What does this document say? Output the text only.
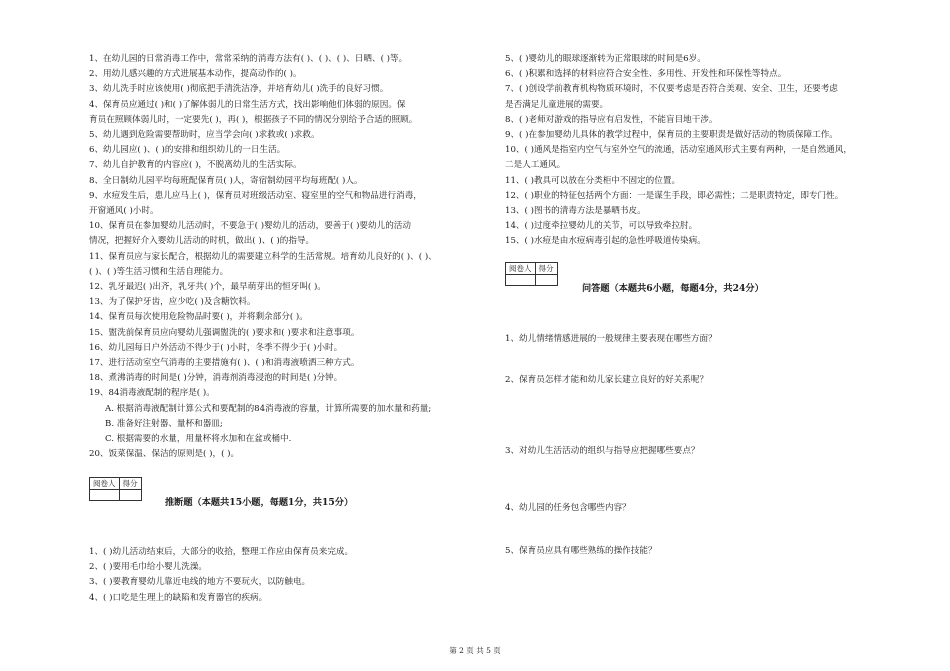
1、在幼儿园的日常消毒工作中，常常采纳的消毒方法有( )、( )、( )、日晒、( )等。
2、用幼儿感兴趣的方式进展基本动作，提高动作的( )。
3、幼儿洗手时应该使用( )彻底把手清洗洁净，并培育幼儿( )洗手的良好习惯。
4、保育员应通过( )和( )了解体弱儿的日常生活方式，找出影响他们体弱的原因。保
育员在照顾体弱儿时，一定要先( )，再( )，根据孩子不同的情况分别给予合适的照顾。
5、幼儿遇到危险需要帮助时，应当学会向( )求救或( )求救。
6、幼儿园应( )、( )的安排和组织幼儿的一日生活。
7、幼儿自护教育的内容应( )，不脱离幼儿的生活实际。
8、全日制幼儿园平均每班配保育员( )人，寄宿制幼园平均每班配( )人。
9、水痘发生后，患儿应马上( )，保育员对班级活动室、寝室里的空气和物品进行消毒，
开窗通风( )小时。
10、保育员在参加婴幼儿活动时，不要急于( )婴幼儿的活动，要善于( )要幼儿的活动
情况，把握好介入婴幼儿活动的时机，做出( )、( )的指导。
11、保育员应与家长配合，根据幼儿的需要建立科学的生活常规。培育幼儿良好的( )、( )、
( )、( )等生活习惯和生活自理能力。
12、乳牙最迟( )出齐，乳牙共( )个，最早萌芽出的恒牙叫( )。
13、为了保护牙齿，应少吃( )及含糖饮料。
14、保育员每次使用危险物品时要( )，并将剩余部分( )。
15、盥洗前保育员应向婴幼儿强调盥洗的( )要求和( )要求和注意事项。
16、幼儿园每日户外活动不得少于( )小时，冬季不得少于( )小时。
17、进行活动室空气消毒的主要措施有( )、( )和消毒液喷洒三种方式。
18、煮沸消毒的时间是( )分钟，消毒剂消毒浸泡的时间是( )分钟。
19、84消毒液配制的程序是( )。
A. 根据消毒液配制计算公式和要配制的84消毒液的容量，计算所需要的加水量和药量;
B. 准备好注射器、量杯和器皿;
C. 根据需要的水量，用量杯将水加和在盆或桶中.
20、饭菜保温、保洁的原则是( )，( )。
阅卷人	得分

推断题（本题共15小题，每题1分，共15分）
1、( )幼儿活动结束后，大部分的收拾，整理工作应由保育员来完成。
2、( )要用毛巾给小婴儿洗澡。
3、( )要教育婴幼儿靠近电线的地方不要玩火，以防触电。
4、( )口吃是生理上的缺陷和发育器官的疾病。
5、( )婴幼儿的眼球逐渐转为正常眼球的时间是6岁。
6、( )积累和选择的材料应符合安全性、多用性、开发性和环保性等特点。
7、( )创设学前教育机构物质环境时，不仅要考虑是否符合美观、安全、卫生，还要考虑
是否满足儿童进展的需要。
8、( )老师对游戏的指导应有启发性，不能盲目地干涉。
9、( )在参加婴幼儿具体的教学过程中，保育员的主要职责是做好活动的物质保障工作。
10、( )通风是指室内空气与室外空气的流通，活动室通风形式主要有两种，一是自然通风，
二是人工通风。
11、( )教具可以放在分类柜中不固定的位置。
12、( )职业的特征包括两个方面：一是谋生手段，即必需性；二是职责特定，即专门性。
13、( )图书的清毒方法是暴晒书皮。
14、( )过度牵拉婴幼儿的关节，可以导致牵拉肘。
15、( )水痘是由水痘病毒引起的急性呼吸道传染病。
阅卷人	得分

问答题（本题共6小题，每题4分，共24分）
1、幼儿情绪情感进展的一般规律主要表现在哪些方面？
2、保育员怎样才能和幼儿家长建立良好的好关系呢？
3、对幼儿生活活动的组织与指导应把握哪些要点？
4、幼儿园的任务包含哪些内容？
5、保育员应具有哪些熟练的操作技能？
第 2 页 共 5 页
